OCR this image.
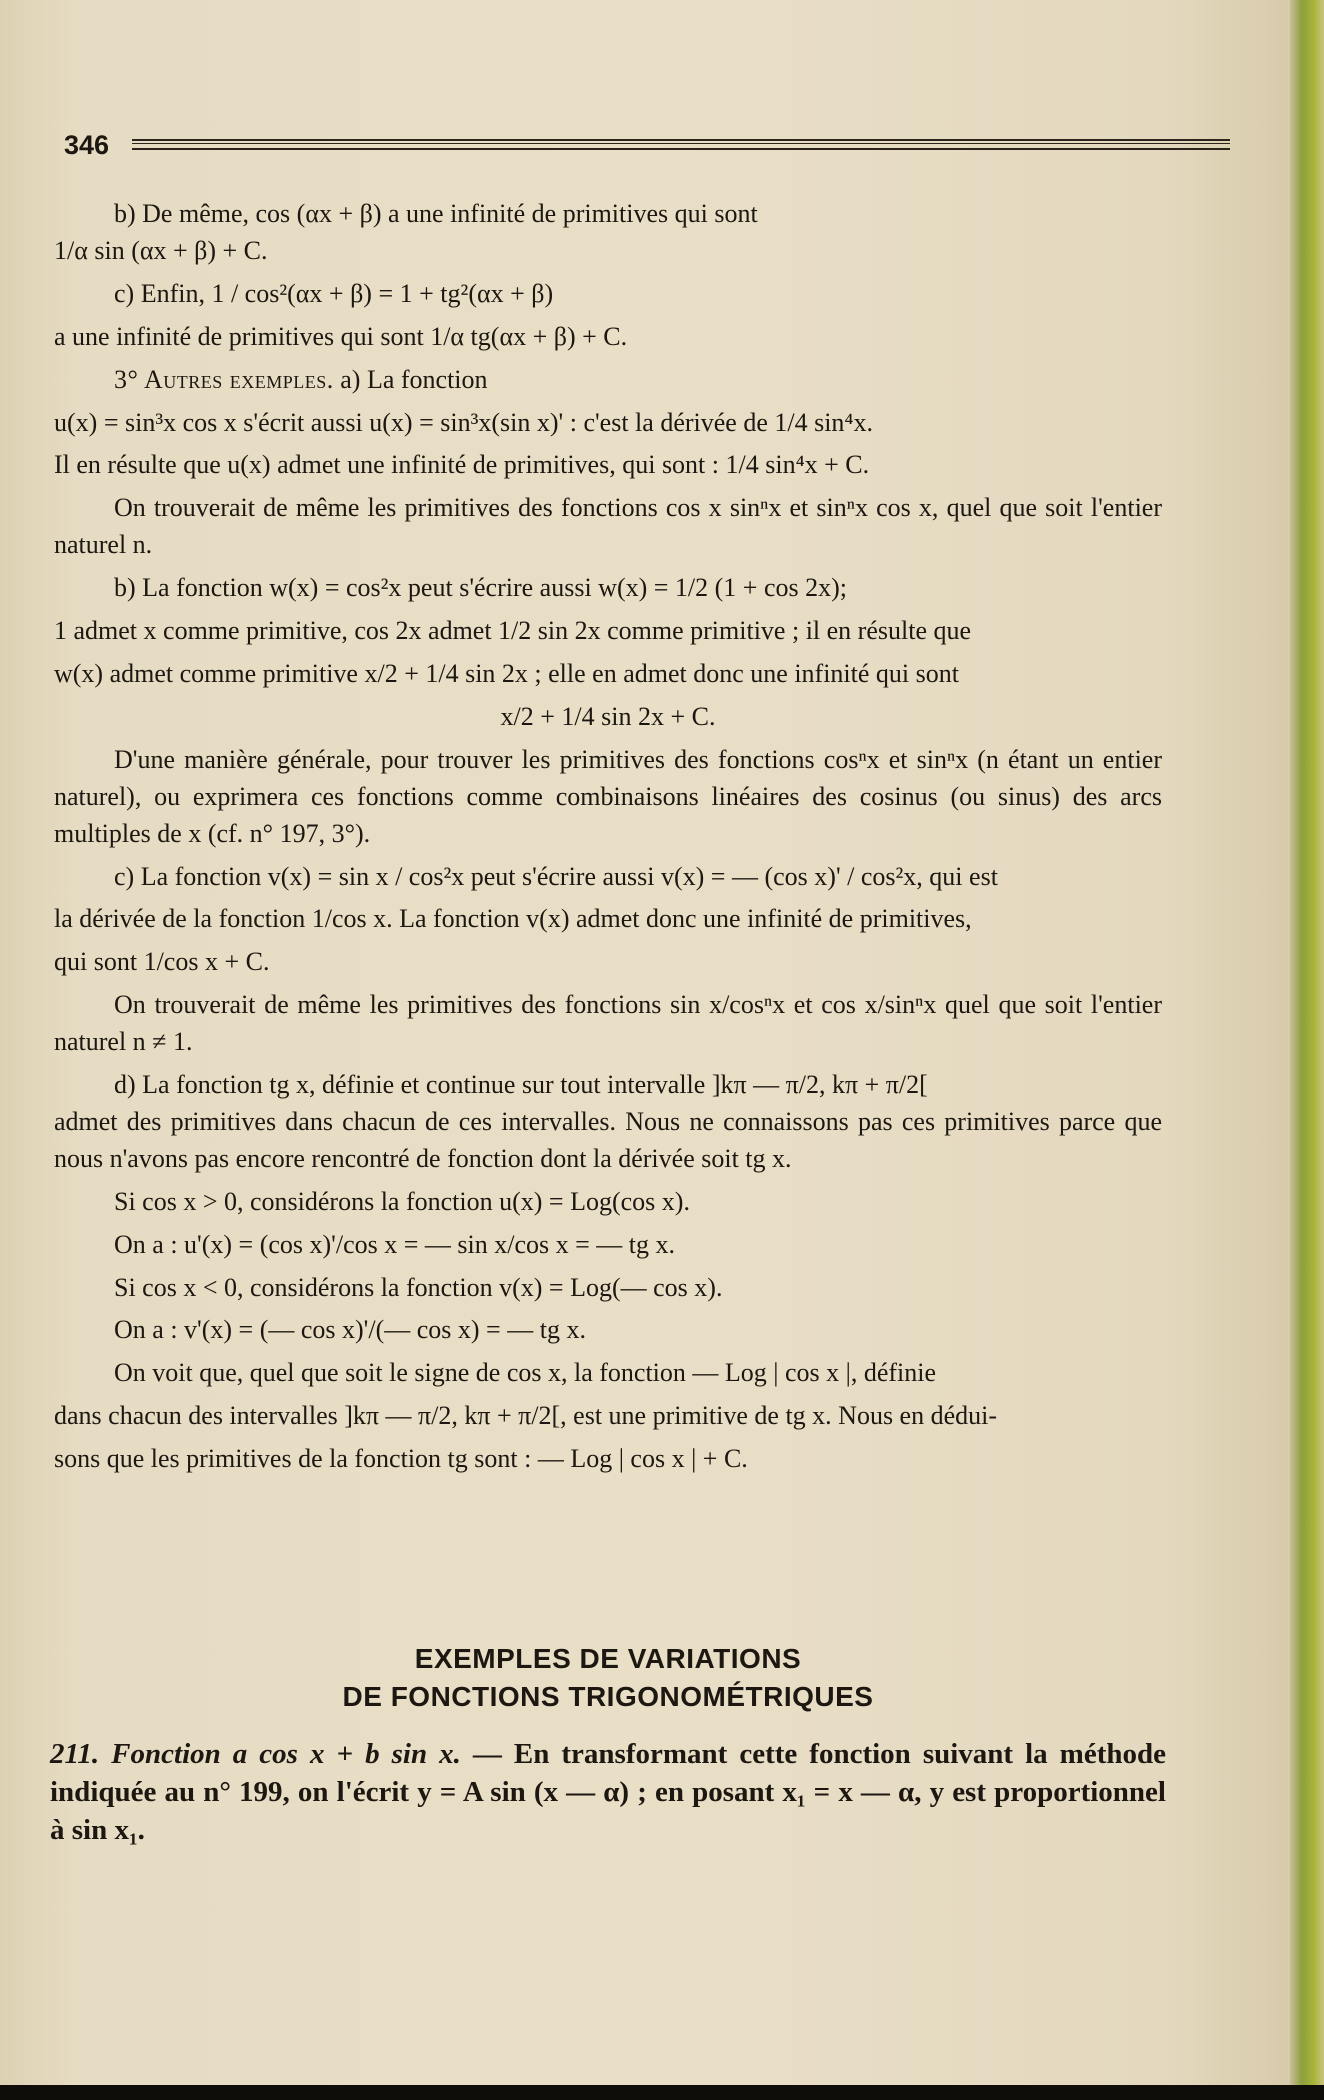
346

b) De même, cos (αx + β) a une infinité de primitives qui sont

1/α sin (αx + β) + C.

c) Enfin, 1 / cos²(αx + β) = 1 + tg²(αx + β)

a une infinité de primitives qui sont 1/α tg(αx + β) + C.

3° Autres exemples. a) La fonction

u(x) = sin³x cos x s'écrit aussi u(x) = sin³x(sin x)' : c'est la dérivée de 1/4 sin⁴x.

Il en résulte que u(x) admet une infinité de primitives, qui sont : 1/4 sin⁴x + C.

On trouverait de même les primitives des fonctions cos x sinⁿx et sinⁿx cos x, quel que soit l'entier naturel n.

b) La fonction w(x) = cos²x peut s'écrire aussi w(x) = 1/2 (1 + cos 2x);

1 admet x comme primitive, cos 2x admet 1/2 sin 2x comme primitive ; il en résulte que

w(x) admet comme primitive x/2 + 1/4 sin 2x ; elle en admet donc une infinité qui sont

x/2 + 1/4 sin 2x + C.

D'une manière générale, pour trouver les primitives des fonctions cosⁿx et sinⁿx (n étant un entier naturel), ou exprimera ces fonctions comme combinaisons linéaires des cosinus (ou sinus) des arcs multiples de x (cf. n° 197, 3°).

c) La fonction v(x) = sin x / cos²x peut s'écrire aussi v(x) = — (cos x)' / cos²x, qui est

la dérivée de la fonction 1/cos x. La fonction v(x) admet donc une infinité de primitives,

qui sont 1/cos x + C.

On trouverait de même les primitives des fonctions sin x/cosⁿx et cos x/sinⁿx quel que soit l'entier naturel n ≠ 1.

d) La fonction tg x, définie et continue sur tout intervalle ]kπ — π/2, kπ + π/2[

admet des primitives dans chacun de ces intervalles. Nous ne connaissons pas ces primitives parce que nous n'avons pas encore rencontré de fonction dont la dérivée soit tg x.

Si cos x > 0, considérons la fonction u(x) = Log(cos x).

On a : u'(x) = (cos x)'/cos x = — sin x/cos x = — tg x.

Si cos x < 0, considérons la fonction v(x) = Log(— cos x).

On a : v'(x) = (— cos x)'/(— cos x) = — tg x.

On voit que, quel que soit le signe de cos x, la fonction — Log | cos x |, définie

dans chacun des intervalles ]kπ — π/2, kπ + π/2[, est une primitive de tg x. Nous en dédui-

sons que les primitives de la fonction tg sont : — Log | cos x | + C.

EXEMPLES DE VARIATIONS
DE FONCTIONS TRIGONOMÉTRIQUES
211. Fonction a cos x + b sin x. — En transformant cette fonction suivant la méthode indiquée au n° 199, on l'écrit y = A sin (x — α) ; en posant x₁ = x — α, y est proportionnel à sin x₁.
